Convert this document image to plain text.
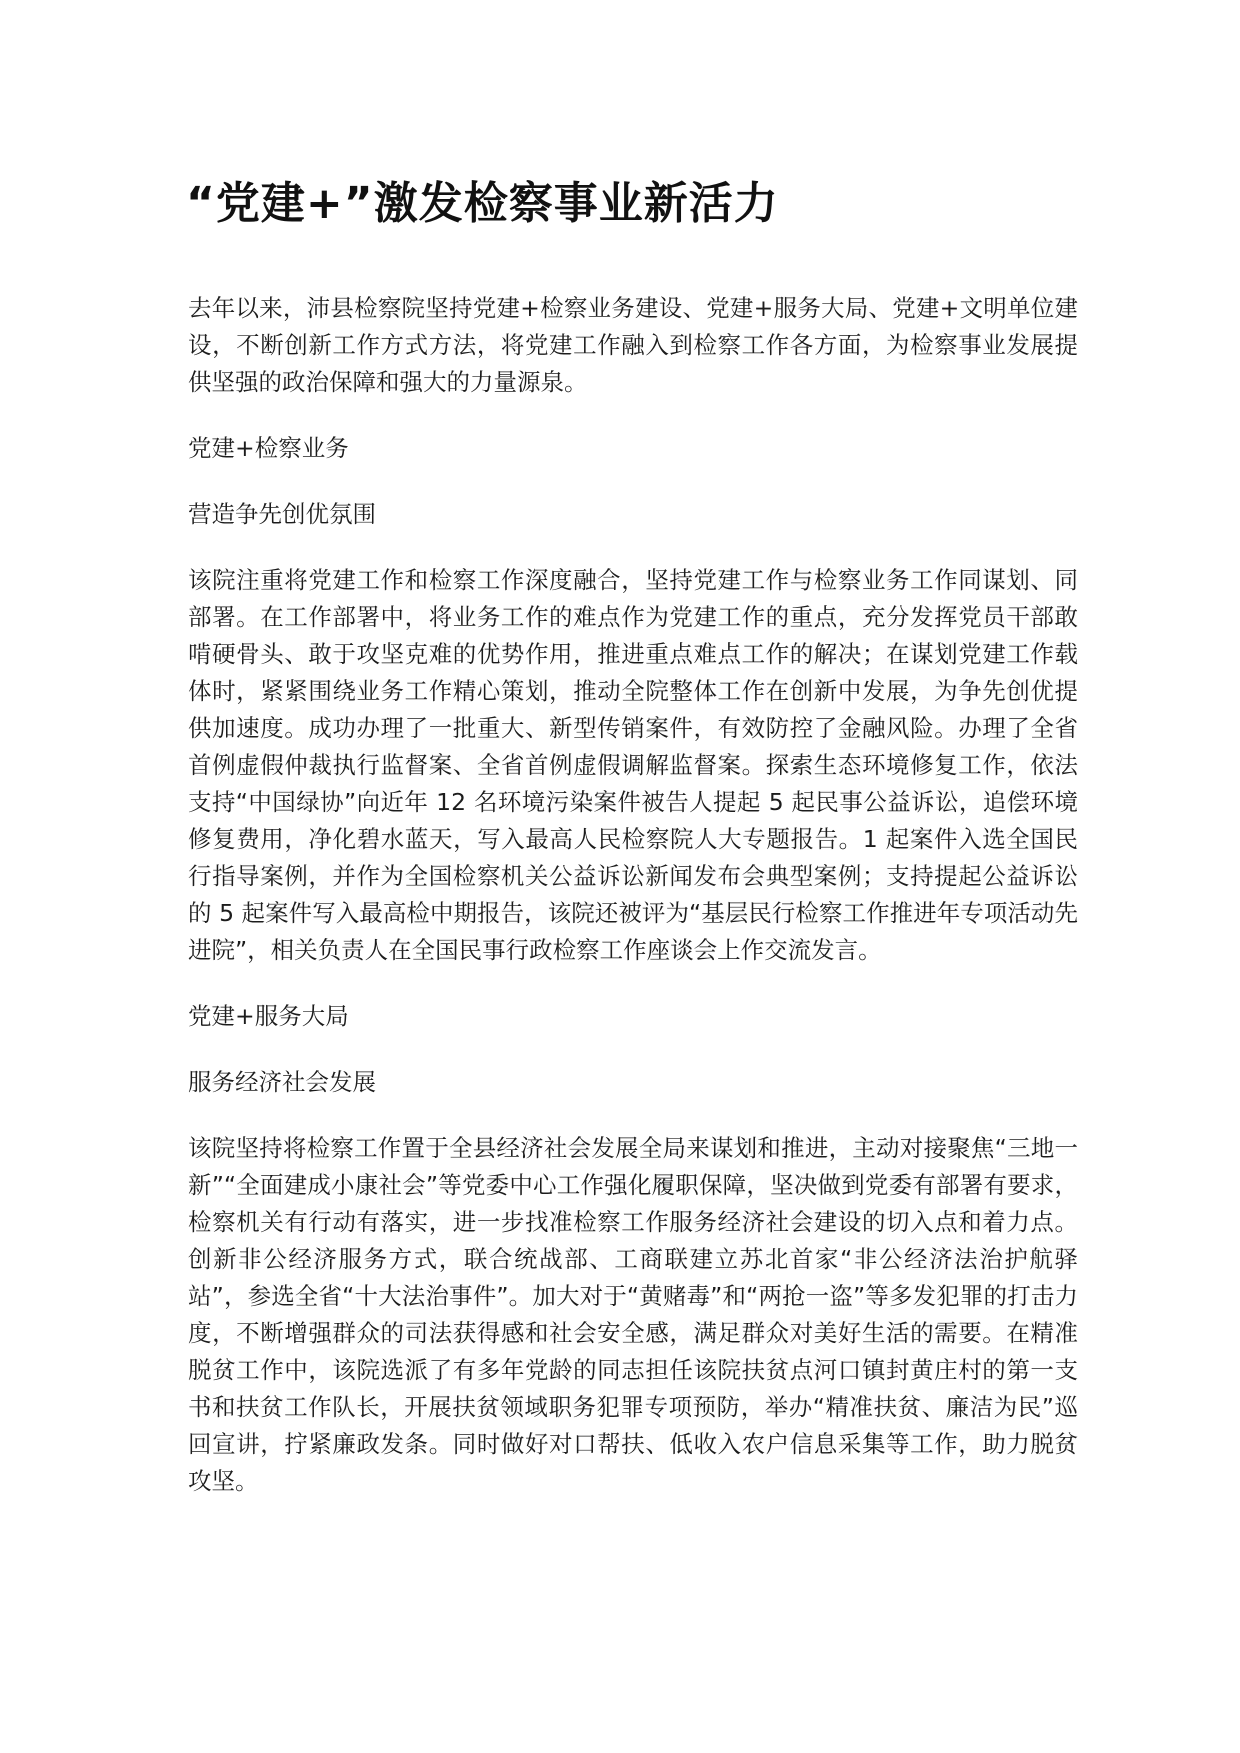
“党建+”激发检察事业新活力

去年以来，沛县检察院坚持党建+检察业务建设、党建+服务大局、党建+文明单位建设，不断创新工作方式方法，将党建工作融入到检察工作各方面，为检察事业发展提供坚强的政治保障和强大的力量源泉。

党建+检察业务

营造争先创优氛围

该院注重将党建工作和检察工作深度融合，坚持党建工作与检察业务工作同谋划、同部署。在工作部署中，将业务工作的难点作为党建工作的重点，充分发挥党员干部敢啃硬骨头、敢于攻坚克难的优势作用，推进重点难点工作的解决；在谋划党建工作载体时，紧紧围绕业务工作精心策划，推动全院整体工作在创新中发展，为争先创优提供加速度。成功办理了一批重大、新型传销案件，有效防控了金融风险。办理了全省首例虚假仲裁执行监督案、全省首例虚假调解监督案。探索生态环境修复工作，依法支持“中国绿协”向近年 12 名环境污染案件被告人提起 5 起民事公益诉讼，追偿环境修复费用，净化碧水蓝天，写入最高人民检察院人大专题报告。1 起案件入选全国民行指导案例，并作为全国检察机关公益诉讼新闻发布会典型案例；支持提起公益诉讼的 5 起案件写入最高检中期报告，该院还被评为“基层民行检察工作推进年专项活动先进院”，相关负责人在全国民事行政检察工作座谈会上作交流发言。

党建+服务大局

服务经济社会发展

该院坚持将检察工作置于全县经济社会发展全局来谋划和推进，主动对接聚焦“三地一新”“全面建成小康社会”等党委中心工作强化履职保障，坚决做到党委有部署有要求，检察机关有行动有落实，进一步找准检察工作服务经济社会建设的切入点和着力点。创新非公经济服务方式，联合统战部、工商联建立苏北首家“非公经济法治护航驿站”，参选全省“十大法治事件”。加大对于“黄赌毒”和“两抢一盗”等多发犯罪的打击力度，不断增强群众的司法获得感和社会安全感，满足群众对美好生活的需要。在精准脱贫工作中，该院选派了有多年党龄的同志担任该院扶贫点河口镇封黄庄村的第一支书和扶贫工作队长，开展扶贫领域职务犯罪专项预防，举办“精准扶贫、廉洁为民”巡回宣讲，拧紧廉政发条。同时做好对口帮扶、低收入农户信息采集等工作，助力脱贫攻坚。
